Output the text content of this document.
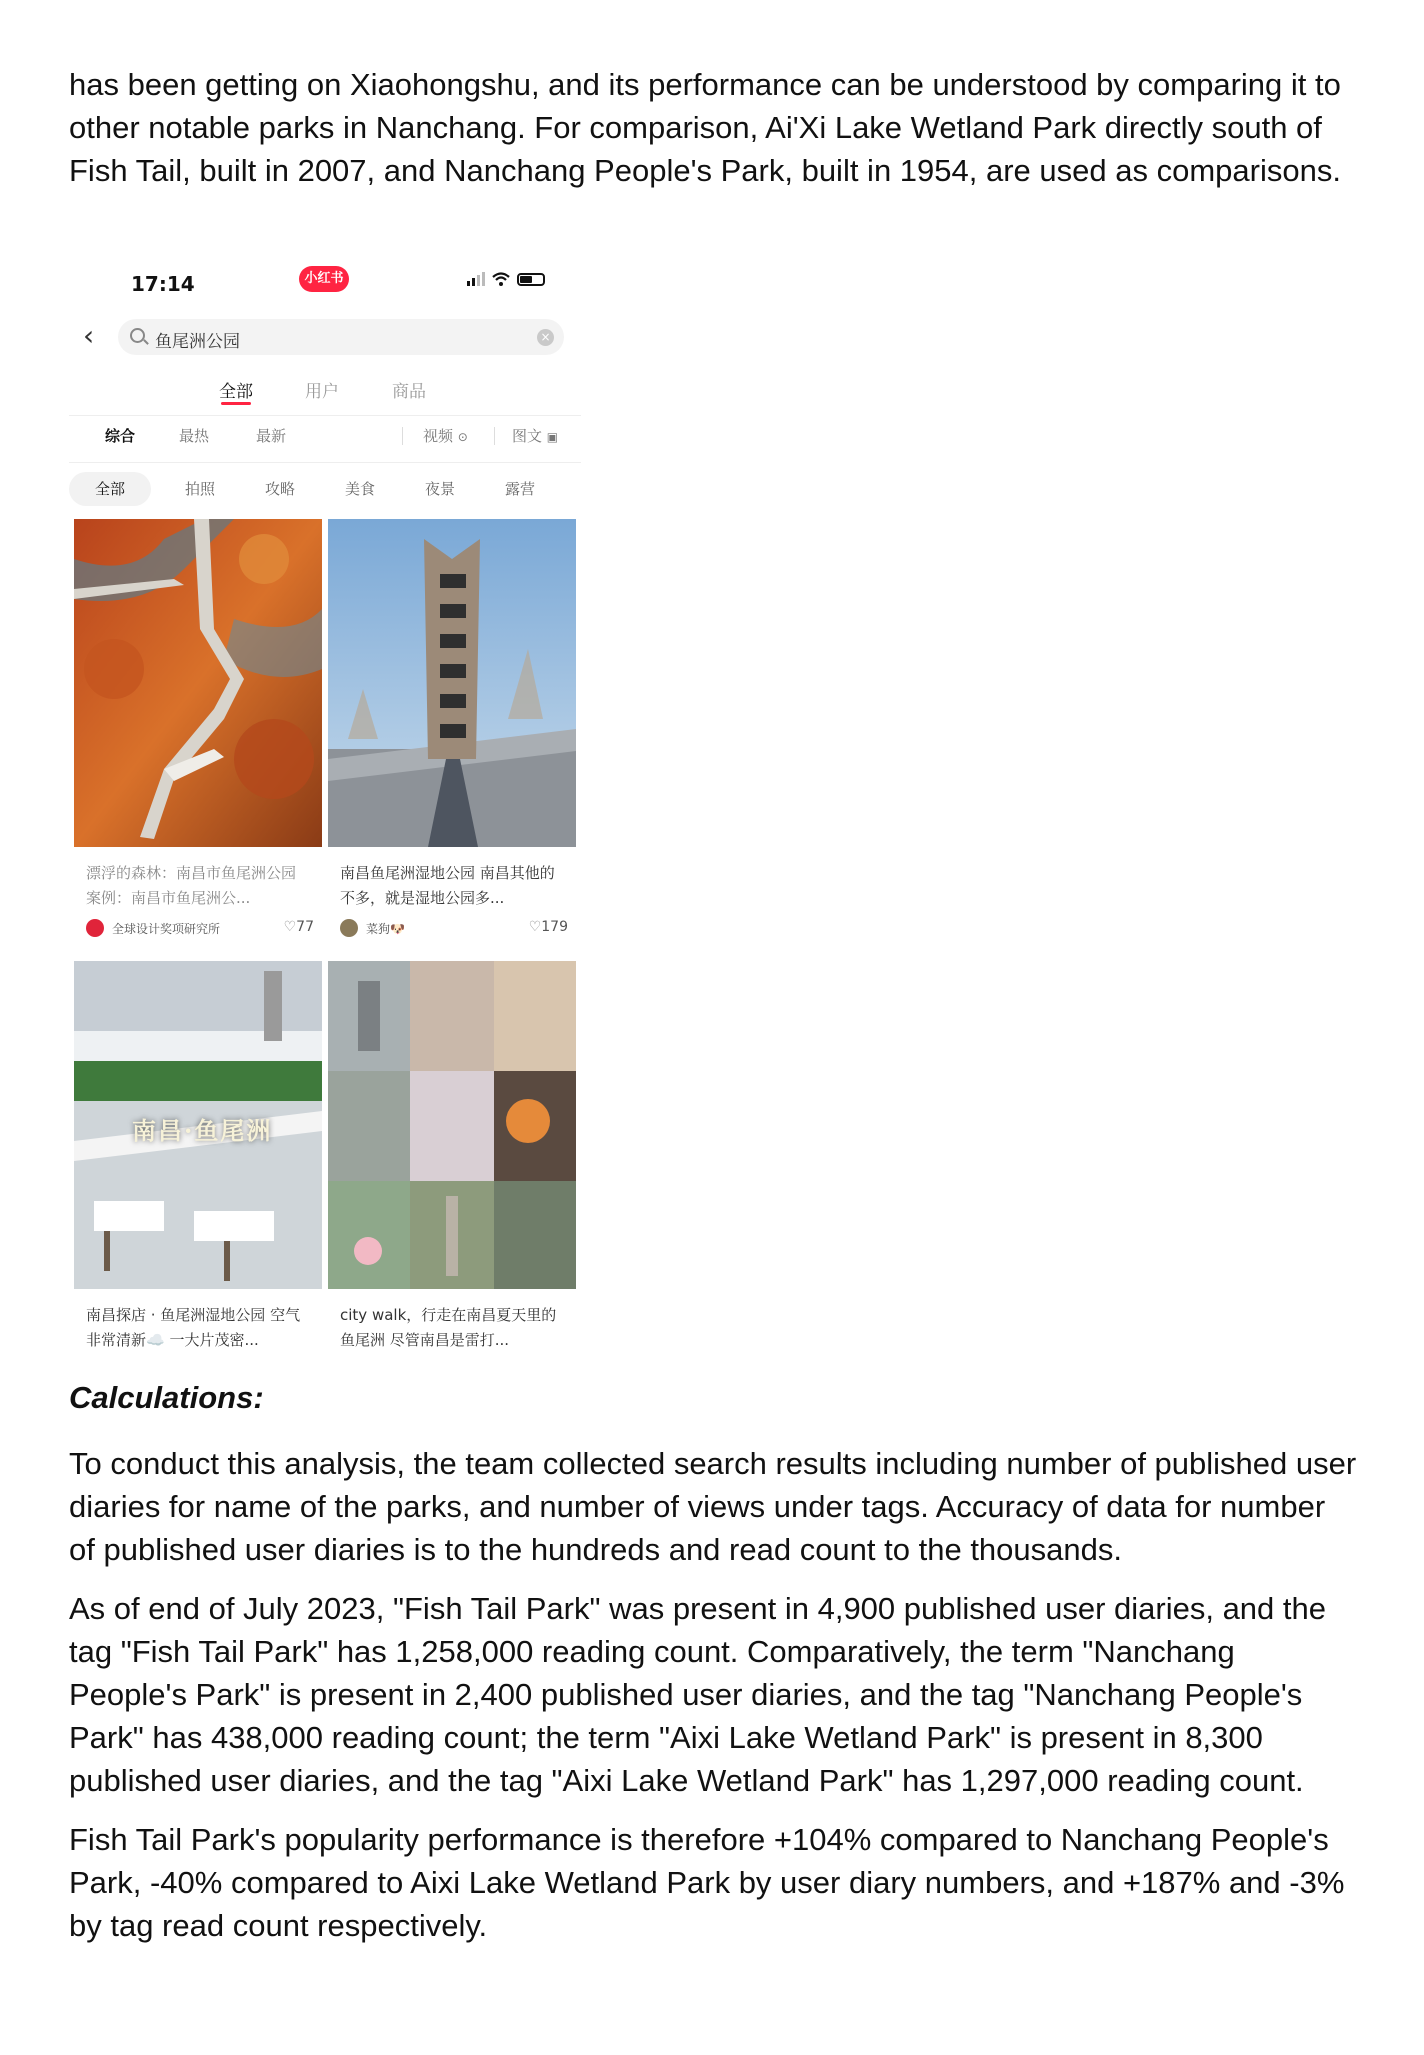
has been getting on Xiaohongshu, and its performance can be understood by comparing it to other notable parks in Nanchang. For comparison, Ai'Xi Lake Wetland Park directly south of Fish Tail, built in 2007, and Nanchang People's Park, built in 1954, are used as comparisons.

17:14	小红书
‹	鱼尾洲公园	×
全部	用户	商品
综合	最热	最新	视频 ⊙	图文 ▣
全部	拍照	攻略	美食	夜景	露营
漂浮的森林：南昌市鱼尾洲公园 案例：南昌市鱼尾洲公...
全球设计奖项研究所	♡77
南昌鱼尾洲湿地公园 南昌其他的不多，就是湿地公园多...
菜狗🐶	♡179
南昌·鱼尾洲
南昌探店 · 鱼尾洲湿地公园 空气非常清新☁️ 一大片茂密...
city walk，行走在南昌夏天里的鱼尾洲 尽管南昌是雷打...
Calculations:

To conduct this analysis, the team collected search results including number of published user diaries for name of the parks, and number of views under tags. Accuracy of data for number of published user diaries is to the hundreds and read count to the thousands.

As of end of July 2023, "Fish Tail Park" was present in 4,900 published user diaries, and the tag "Fish Tail Park" has 1,258,000 reading count. Comparatively, the term "Nanchang People's Park" is present in 2,400 published user diaries, and the tag "Nanchang People's Park" has 438,000 reading count; the term "Aixi Lake Wetland Park" is present in 8,300 published user diaries, and the tag "Aixi Lake Wetland Park" has 1,297,000 reading count.

Fish Tail Park's popularity performance is therefore +104% compared to Nanchang People's Park, -40% compared to Aixi Lake Wetland Park by user diary numbers, and +187% and -3% by tag read count respectively.
